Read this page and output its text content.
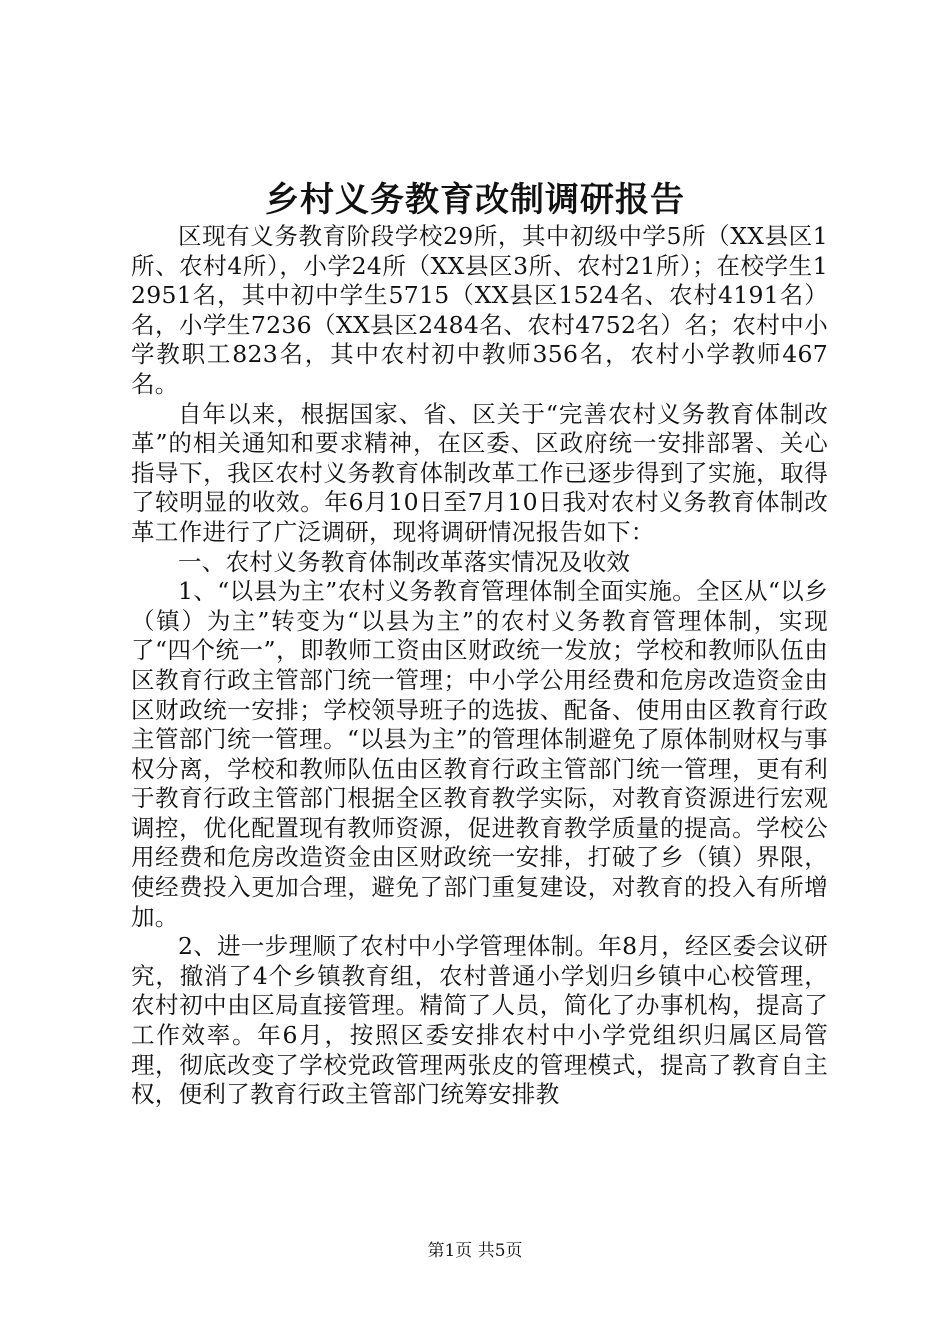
乡村义务教育改制调研报告

区现有义务教育阶段学校29所，其中初级中学5所（XX县区1所、农村4所），小学24所（XX县区3所、农村21所）；在校学生12951名，其中初中学生5715（XX县区1524名、农村4191名）名，小学生7236（XX县区2484名、农村4752名）名；农村中小学教职工823名，其中农村初中教师356名，农村小学教师467名。

自年以来，根据国家、省、区关于“完善农村义务教育体制改革”的相关通知和要求精神，在区委、区政府统一安排部署、关心指导下，我区农村义务教育体制改革工作已逐步得到了实施，取得了较明显的收效。年6月10日至7月10日我对农村义务教育体制改革工作进行了广泛调研，现将调研情况报告如下：

一、农村义务教育体制改革落实情况及收效

1、“以县为主”农村义务教育管理体制全面实施。全区从“以乡（镇）为主”转变为“以县为主”的农村义务教育管理体制，实现了“四个统一”，即教师工资由区财政统一发放；学校和教师队伍由区教育行政主管部门统一管理；中小学公用经费和危房改造资金由区财政统一安排；学校领导班子的选拔、配备、使用由区教育行政主管部门统一管理。“以县为主”的管理体制避免了原体制财权与事权分离，学校和教师队伍由区教育行政主管部门统一管理，更有利于教育行政主管部门根据全区教育教学实际，对教育资源进行宏观调控，优化配置现有教师资源，促进教育教学质量的提高。学校公用经费和危房改造资金由区财政统一安排，打破了乡（镇）界限，使经费投入更加合理，避免了部门重复建设，对教育的投入有所增加。

2、进一步理顺了农村中小学管理体制。年8月，经区委会议研究，撤消了4个乡镇教育组，农村普通小学划归乡镇中心校管理，农村初中由区局直接管理。精简了人员，简化了办事机构，提高了工作效率。年6月，按照区委安排农村中小学党组织归属区局管理，彻底改变了学校党政管理两张皮的管理模式，提高了教育自主权，便利了教育行政主管部门统筹安排教

第1页 共5页
